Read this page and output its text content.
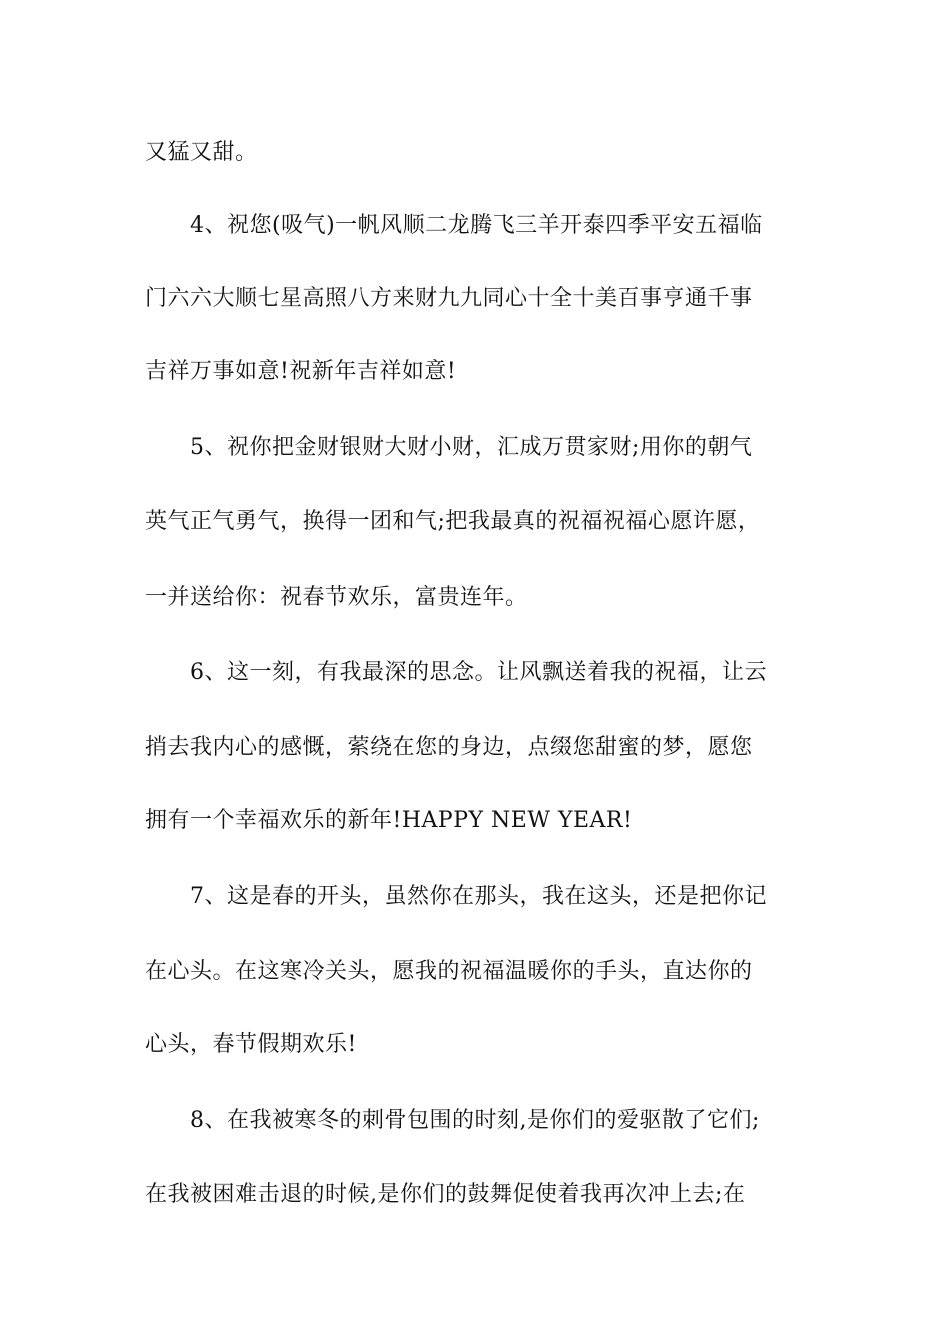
又猛又甜。
4、祝您(吸气)一帆风顺二龙腾飞三羊开泰四季平安五福临
门六六大顺七星高照八方来财九九同心十全十美百事亨通千事
吉祥万事如意!祝新年吉祥如意!
5、祝你把金财银财大财小财，汇成万贯家财;用你的朝气
英气正气勇气，换得一团和气;把我最真的祝福祝福心愿许愿，
一并送给你：祝春节欢乐，富贵连年。
6、这一刻，有我最深的思念。让风飘送着我的祝福，让云
捎去我内心的感慨，萦绕在您的身边，点缀您甜蜜的梦，愿您
拥有一个幸福欢乐的新年!HAPPY NEW YEAR!
7、这是春的开头，虽然你在那头，我在这头，还是把你记
在心头。在这寒冷关头，愿我的祝福温暖你的手头，直达你的
心头，春节假期欢乐!
8、在我被寒冬的刺骨包围的时刻,是你们的爱驱散了它们;
在我被困难击退的时候,是你们的鼓舞促使着我再次冲上去;在
